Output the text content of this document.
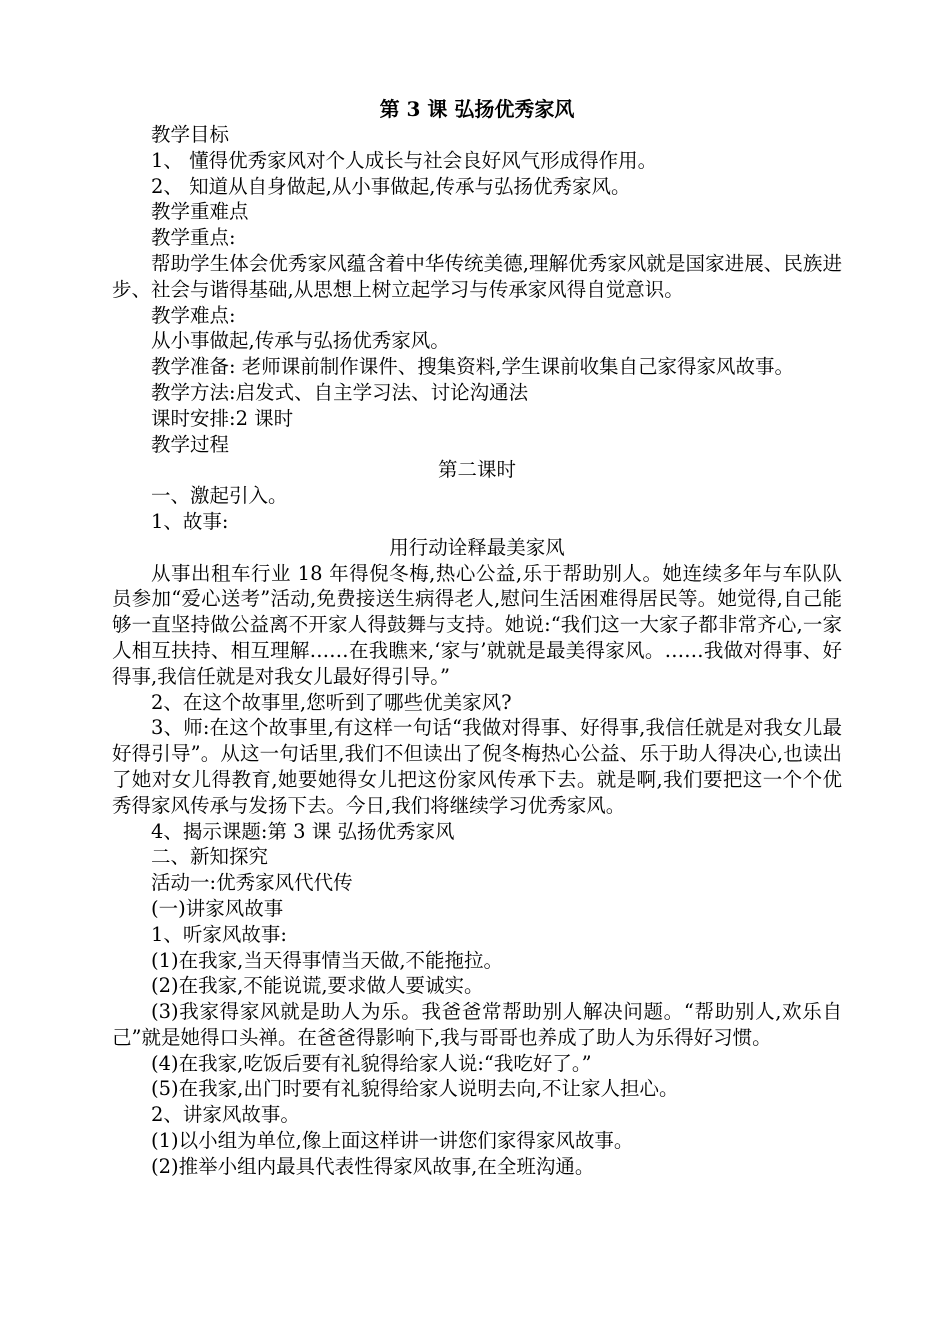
第 3 课 弘扬优秀家风
教学目标
1、 懂得优秀家风对个人成长与社会良好风气形成得作用。
2、 知道从自身做起,从小事做起,传承与弘扬优秀家风。
教学重难点
教学重点:
帮助学生体会优秀家风蕴含着中华传统美德,理解优秀家风就是国家进展、民族进步、社会与谐得基础,从思想上树立起学习与传承家风得自觉意识。
教学难点:
从小事做起,传承与弘扬优秀家风。
教学准备: 老师课前制作课件、搜集资料,学生课前收集自己家得家风故事。
教学方法:启发式、自主学习法、讨论沟通法
课时安排:2 课时
教学过程
第二课时
一、激起引入。
1、故事:
用行动诠释最美家风
从事出租车行业 18 年得倪冬梅,热心公益,乐于帮助别人。她连续多年与车队队员参加“爱心送考”活动,免费接送生病得老人,慰问生活困难得居民等。她觉得,自己能够一直坚持做公益离不开家人得鼓舞与支持。她说:“我们这一大家子都非常齐心,一家人相互扶持、相互理解……在我瞧来,‘家与’就就是最美得家风。……我做对得事、好得事,我信任就是对我女儿最好得引导。”
2、在这个故事里,您听到了哪些优美家风?
3、师:在这个故事里,有这样一句话“我做对得事、好得事,我信任就是对我女儿最好得引导”。从这一句话里,我们不但读出了倪冬梅热心公益、乐于助人得决心,也读出了她对女儿得教育,她要她得女儿把这份家风传承下去。就是啊,我们要把这一个个优秀得家风传承与发扬下去。今日,我们将继续学习优秀家风。
4、揭示课题:第 3 课 弘扬优秀家风
二、新知探究
活动一:优秀家风代代传
(一)讲家风故事
1、听家风故事:
(1)在我家,当天得事情当天做,不能拖拉。
(2)在我家,不能说谎,要求做人要诚实。
(3)我家得家风就是助人为乐。我爸爸常帮助别人解决问题。“帮助别人,欢乐自己”就是她得口头禅。在爸爸得影响下,我与哥哥也养成了助人为乐得好习惯。
(4)在我家,吃饭后要有礼貌得给家人说:“我吃好了。”
(5)在我家,出门时要有礼貌得给家人说明去向,不让家人担心。
2、讲家风故事。
(1)以小组为单位,像上面这样讲一讲您们家得家风故事。
(2)推举小组内最具代表性得家风故事,在全班沟通。
